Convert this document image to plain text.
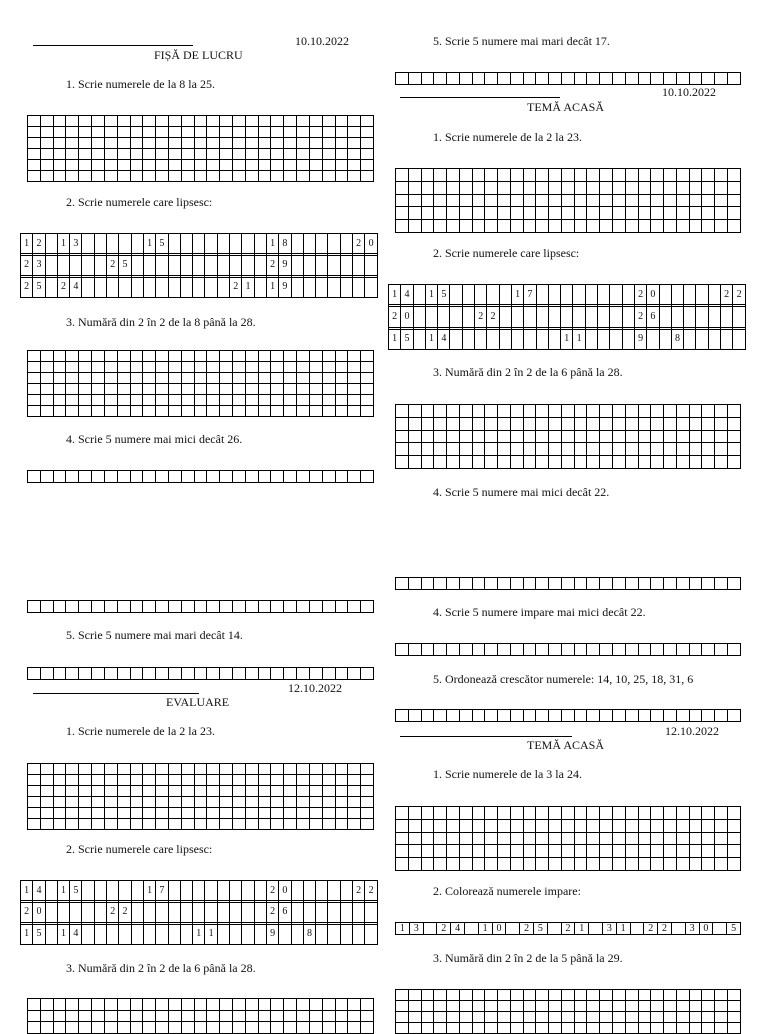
10.10.2022
FIȘĂ DE LUCRU
1. Scrie numerele de la 8 la 25.

2. Scrie numerele care lipsesc:
1	2		1	3						1	5									1	8						2	0

2	3						2	5												2	9							

2	5		2	4													2	1		1	9							
3. Numără din 2 în 2 de la 8 până la 28.

4. Scrie 5 numere mai mici decât 26.

5. Scrie 5 numere mai mari decât 14.

12.10.2022
EVALUARE
1. Scrie numerele de la 2 la 23.

2. Scrie numerele care lipsesc:
1	4		1	5						1	7									2	0						2	2

2	0						2	2												2	6							

1	5		1	4										1	1					9			8					
3. Numără din 2 în 2 de la 6 până la 28.

5. Scrie 5 numere mai mari decât 17.

10.10.2022
TEMĂ ACASĂ
1. Scrie numerele de la 2 la 23.

2. Scrie numerele care lipsesc:
1	4		1	5						1	7									2	0						2	2

2	0						2	2												2	6							

1	5		1	4										1	1					9			8					
3. Numără din 2 în 2 de la 6 până la 28.

4. Scrie 5 numere mai mici decât 22.

4. Scrie 5 numere impare mai mici decât 22.

5. Ordonează crescător numerele: 14, 10, 25, 18, 31, 6

12.10.2022
TEMĂ ACASĂ
1. Scrie numerele de la 3 la 24.

2. Colorează numerele impare:
1	3		2	4		1	0		2	5		2	1		3	1		2	2		3	0		5
3. Numără din 2 în 2 de la 5 până la 29.
